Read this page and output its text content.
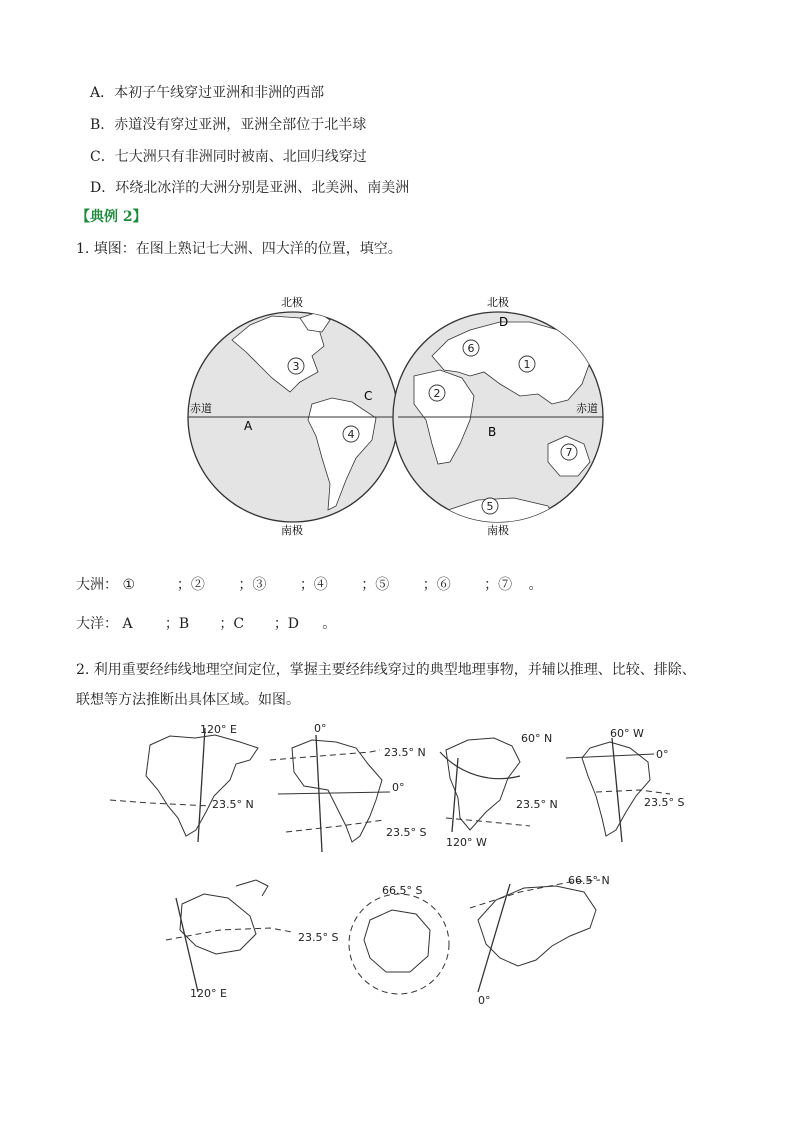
A．本初子午线穿过亚洲和非洲的西部
B．赤道没有穿过亚洲，亚洲全部位于北半球
C．七大洲只有非洲同时被南、北回归线穿过
D．环绕北冰洋的大洲分别是亚洲、北美洲、南美洲
【典例 2】
1. 填图：在图上熟记七大洲、四大洋的位置，填空。
北极	北极
南极	南极
赤道	赤道
A	B
C
D
1
2
3
4
5
6
7
120° E
23.5° N
0°
23.5° N
0°
23.5° S
60° N
23.5° N
120° W
60° W
0°
23.5° S
23.5° S
120° E
66.5° S
66.5° N
0°
大洲： ①	；② ；③ ；④ ；⑤ ；⑥ ；⑦ 。
大洋： A ；B ；C ；D 。
2. 利用重要经纬线地理空间定位，掌握主要经纬线穿过的典型地理事物，并辅以推理、比较、排除、
联想等方法推断出具体区域。如图。
